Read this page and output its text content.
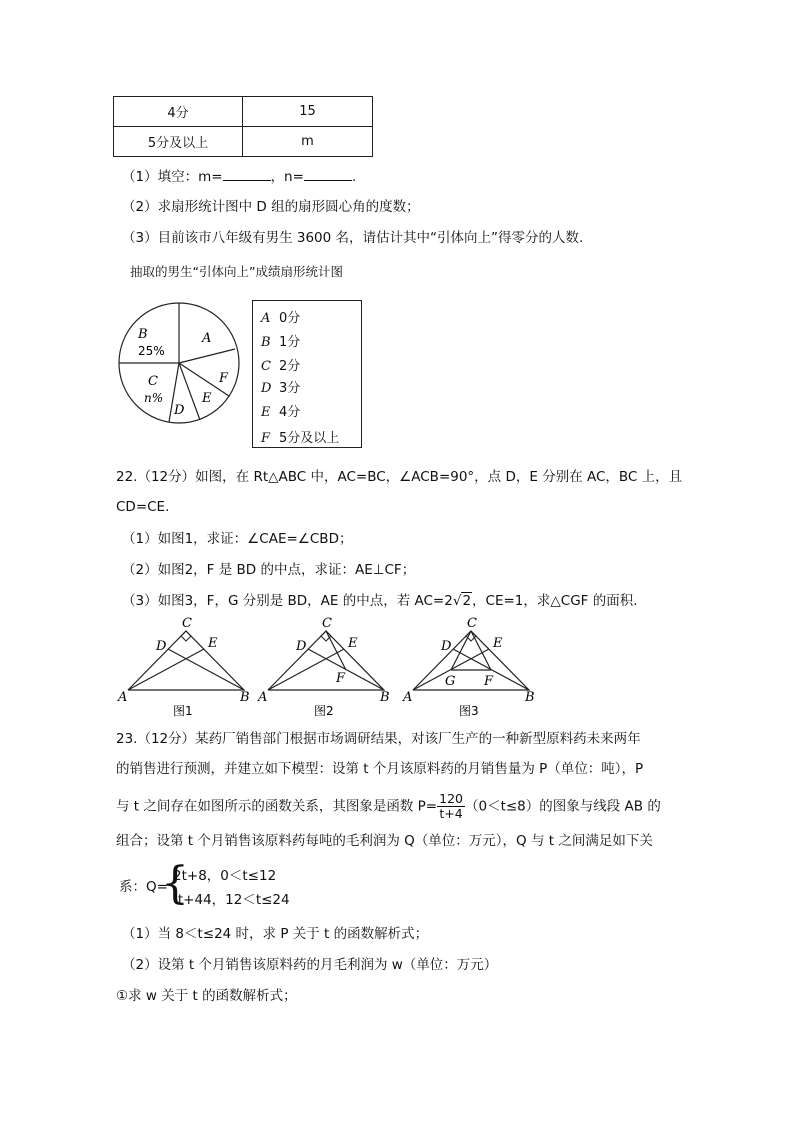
4分	15
5分及以上	m
（1）填空：m=	，n=	.
（2）求扇形统计图中 D 组的扇形圆心角的度数；
（3）目前该市八年级有男生 3600 名，请估计其中“引体向上”得零分的人数.
抽取的男生“引体向上”成绩扇形统计图
B
25%
A
C
n%
D
E
F
A 0分
B 1分
C 2分
D 3分
E 4分
F 5分及以上
22.（12分）如图，在 Rt△ABC 中，AC=BC，∠ACB=90°，点 D，E 分别在 AC，BC 上，且
CD=CE.
（1）如图1，求证：∠CAE=∠CBD；
（2）如图2，F 是 BD 的中点，求证：AE⊥CF；
（3）如图3，F，G 分别是 BD，AE 的中点，若 AC=2√2，CE=1，求△CGF 的面积.
C
D	E
A	B
图1
C
D	E
F
A	B
图2
C
D	E
G F
A	B
图3
23.（12分）某药厂销售部门根据市场调研结果，对该厂生产的一种新型原料药未来两年
的销售进行预测，并建立如下模型：设第 t 个月该原料药的月销售量为 P（单位：吨），P
与 t 之间存在如图所示的函数关系，其图象是函数 $P= \frac{120}{t+4} (0<t\le 8)$的图象与线段 AB 的
组合；设第 t 个月销售该原料药每吨的毛利润为 Q（单位：万元），Q 与 t 之间满足如下关
系：Q=
{
2t+8，0＜t≤12
-t+44，12＜t≤24
（1）当 8＜t≤24 时，求 P 关于 t 的函数解析式；
（2）设第 t 个月销售该原料药的月毛利润为 w（单位：万元）
①求 w 关于 t 的函数解析式；
